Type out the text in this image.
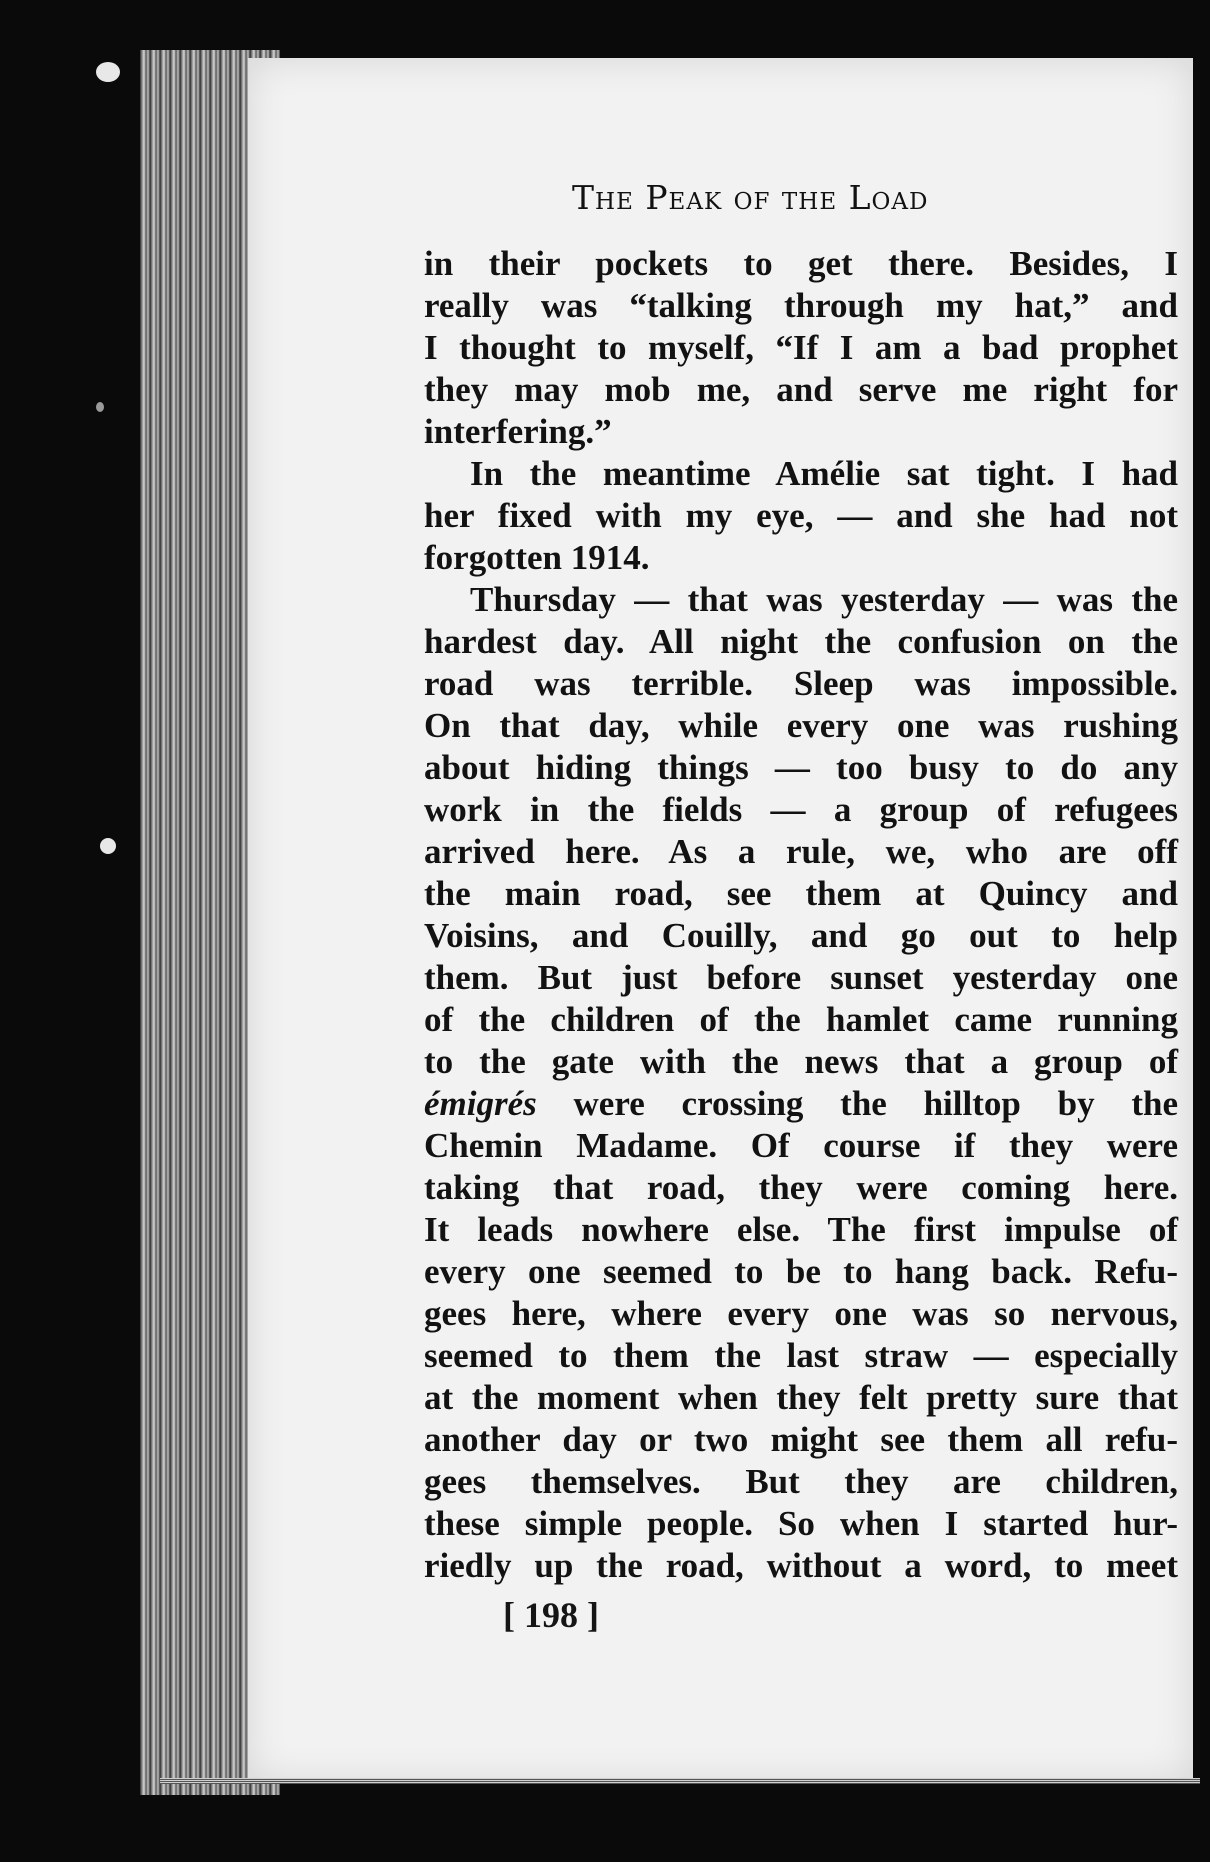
The Peak of the Load
in their pockets to get there. Besides, I
really was “talking through my hat,” and
I thought to myself, “If I am a bad prophet
they may mob me, and serve me right for
interfering.”
In the meantime Amélie sat tight. I had
her fixed with my eye, — and she had not
forgotten 1914.
Thursday — that was yesterday — was the
hardest day. All night the confusion on the
road was terrible. Sleep was impossible.
On that day, while every one was rushing
about hiding things — too busy to do any
work in the fields — a group of refugees
arrived here. As a rule, we, who are off
the main road, see them at Quincy and
Voisins, and Couilly, and go out to help
them. But just before sunset yesterday one
of the children of the hamlet came running
to the gate with the news that a group of
émigrés were crossing the hilltop by the
Chemin Madame. Of course if they were
taking that road, they were coming here.
It leads nowhere else. The first impulse of
every one seemed to be to hang back. Refu-
gees here, where every one was so nervous,
seemed to them the last straw — especially
at the moment when they felt pretty sure that
another day or two might see them all refu-
gees themselves. But they are children,
these simple people. So when I started hur-
riedly up the road, without a word, to meet
[ 198 ]
